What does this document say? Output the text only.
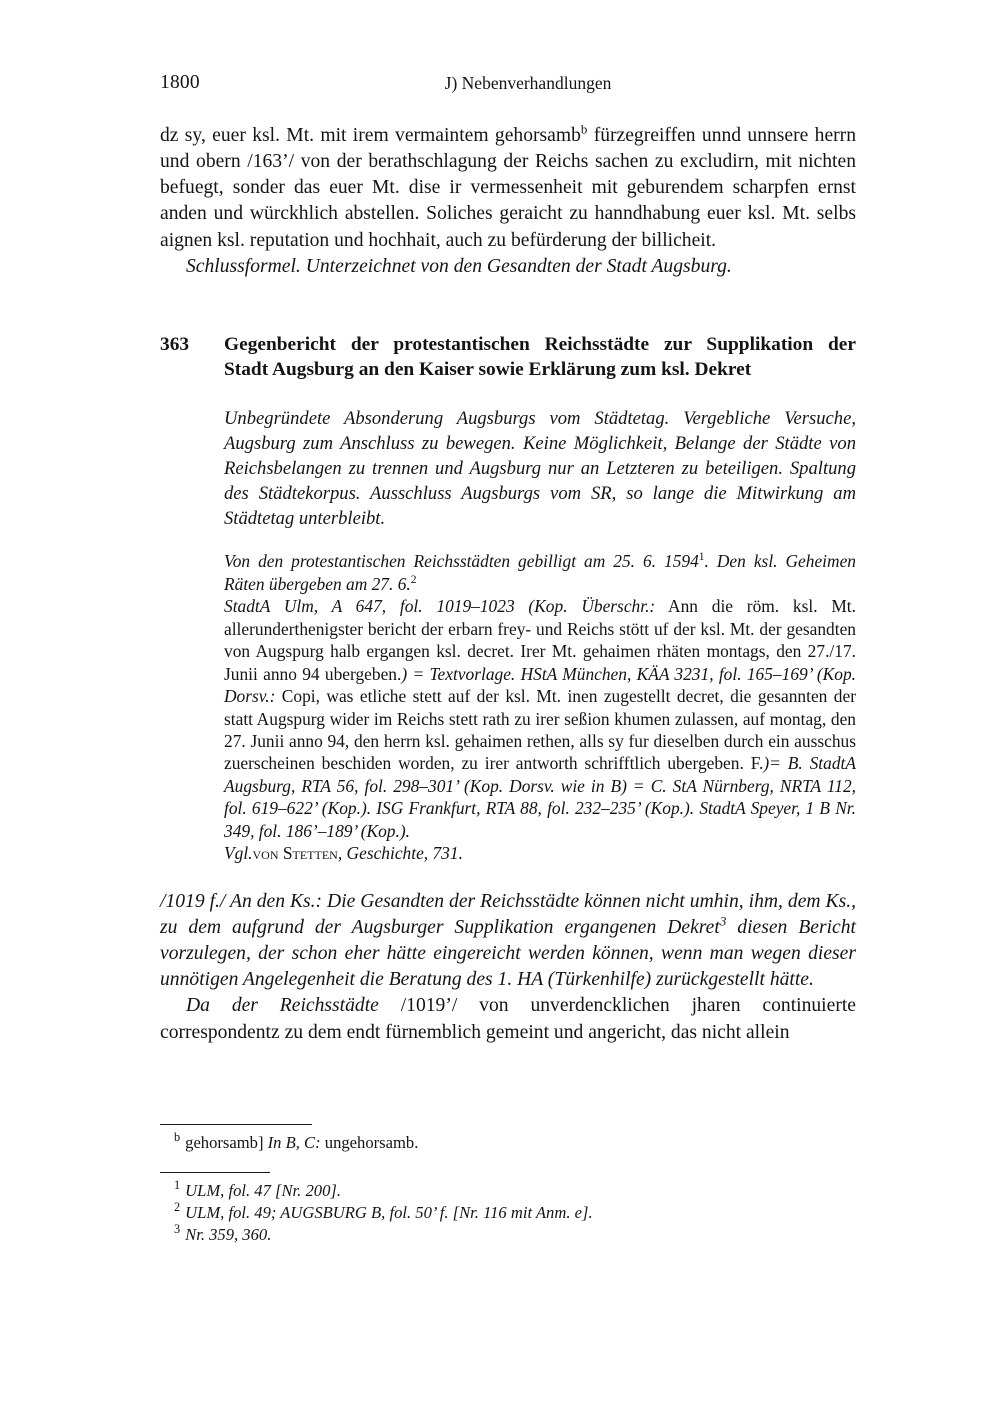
1800	J) Nebenverhandlungen

dz sy, euer ksl. Mt. mit irem vermaintem gehorsamb$^b$ fürzegreiffen unnd unnsere herrn und obern /163’/ von der berathschlagung der Reichs sachen zu excludirn, mit nichten befuegt, sonder das euer Mt. dise ir vermessenheit mit geburendem scharpfen ernst anden und würckhlich abstellen. Soliches geraicht zu hanndhabung euer ksl. Mt. selbs aignen ksl. reputation und hochhait, auch zu befürderung der billicheit.

Schlussformel. Unterzeichnet von den Gesandten der Stadt Augsburg.

363	Gegenbericht der protestantischen Reichsstädte zur Supplikation der
Stadt Augsburg an den Kaiser sowie Erklärung zum ksl. Dekret

Unbegründete Absonderung Augsburgs vom Städtetag. Vergebliche Versuche, Augsburg zum Anschluss zu bewegen. Keine Möglichkeit, Belange der Städte von Reichsbelangen zu trennen und Augsburg nur an Letzteren zu beteiligen. Spaltung des Städtekorpus. Ausschluss Augsburgs vom SR, so lange die Mitwirkung am Städtetag unterbleibt.

Von den protestantischen Reichsstädten gebilligt am 25. 6. 1594$^1$. Den ksl. Geheimen Räten übergeben am 27. 6.$^2$

StadtA Ulm, A 647, fol. 1019–1023 (Kop. Überschr.: Ann die röm. ksl. Mt. allerunderthenigster bericht der erbarn frey- und Reichs stött uf der ksl. Mt. der gesandten von Augspurg halb ergangen ksl. decret. Irer Mt. gehaimen rhäten montags, den 27./17. Junii anno 94 ubergeben.) = Textvorlage. HStA München, KÄA 3231, fol. 165–169’ (Kop. Dorsv.: Copi, was etliche stett auf der ksl. Mt. inen zugestellt decret, die gesannten der statt Augspurg wider im Reichs stett rath zu irer seßion khumen zulassen, auf montag, den 27. Junii anno 94, den herrn ksl. gehaimen rethen, alls sy fur dieselben durch ein ausschus zuerscheinen beschiden worden, zu irer antworth schrifftlich ubergeben. F.)= B. StadtA Augsburg, RTA 56, fol. 298–301’ (Kop. Dorsv. wie in B) = C. StA Nürnberg, NRTA 112, fol. 619–622’ (Kop.). ISG Frankfurt, RTA 88, fol. 232–235’ (Kop.). StadtA Speyer, 1 B Nr. 349, fol. 186’–189’ (Kop.).

Vgl.von Stetten, Geschichte, 731.

/1019 f./ An den Ks.: Die Gesandten der Reichsstädte können nicht umhin, ihm, dem Ks., zu dem aufgrund der Augsburger Supplikation ergangenen Dekret$^3$ diesen Bericht vorzulegen, der schon eher hätte eingereicht werden können, wenn man wegen dieser unnötigen Angelegenheit die Beratung des 1. HA (Türkenhilfe) zurückgestellt hätte.

Da der Reichsstädte /1019’/ von unverdencklichen jharen continuierte correspondentz zu dem endt fürnemblich gemeint und angericht, das nicht allein

$^b$ gehorsamb] In B, C: ungehorsamb.

$^1$ ULM, fol. 47 [Nr. 200].

$^2$ ULM, fol. 49; AUGSBURG B, fol. 50’ f. [Nr. 116 mit Anm. e].

$^3$ Nr. 359, 360.
